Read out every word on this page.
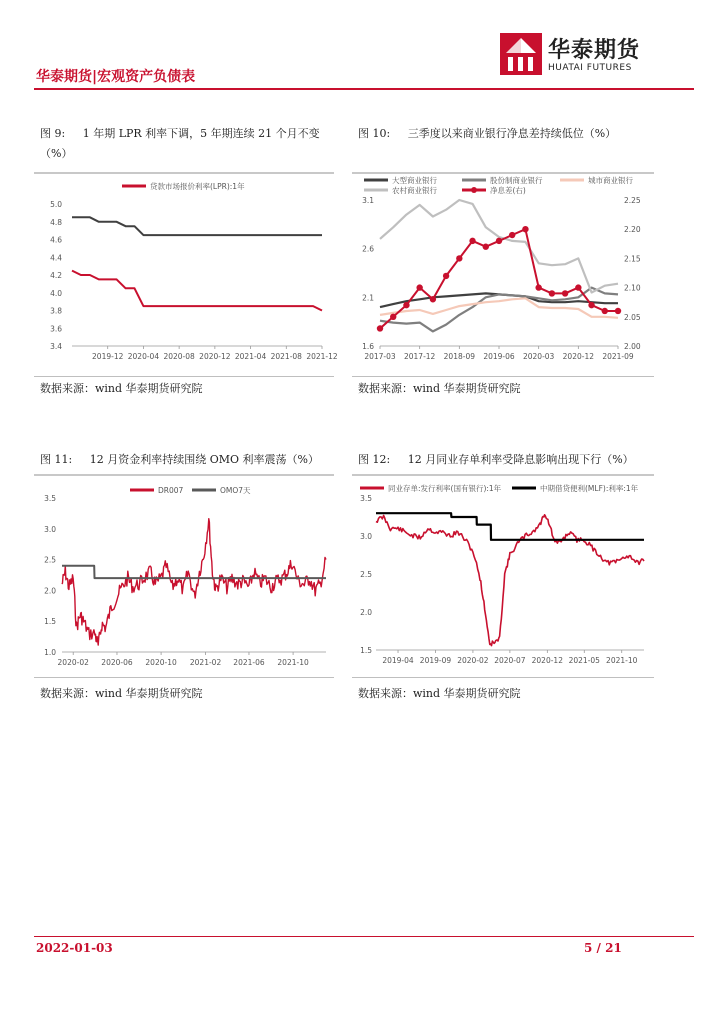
华泰期货|宏观资产负债表
华泰期货
HUATAI FUTURES
图 9: 1 年期 LPR 利率下调，5 年期连续 21 个月不变（%）
图 10: 三季度以来商业银行净息差持续低位（%）
图 11: 12 月资金利率持续围绕 OMO 利率震荡（%）	图 12: 12 月同业存单利率受降息影响出现下行（%）
5.0
4.8
4.6
4.4
4.2
4.0
3.8
3.6
3.4
2019-12 2020-04 2020-08 2020-12 2021-04 2021-08 2021-12
贷款市场报价利率(LPR):1年
3.1
2.6
2.1
1.6
2.25
2.20
2.15
2.10
2.05
2.00
2017-03 2017-12 2018-09 2019-06 2020-03 2020-12 2021-09
大型商业银行	股份制商业银行	城市商业银行
农村商业银行	净息差(右)
3.5
3.0
2.5
2.0
1.5
1.0
2020-02 2020-06 2020-10 2021-02 2021-06 2021-10
DR007	OMO7天
3.5
3.0
2.5
2.0
1.5
2019-04 2019-09 2020-02 2020-07 2020-12 2021-05 2021-10
同业存单:发行利率(国有银行):1年	中期借贷便利(MLF):利率:1年
数据来源：wind 华泰期货研究院	数据来源：wind 华泰期货研究院
数据来源：wind 华泰期货研究院	数据来源：wind 华泰期货研究院
2022-01-03	5 / 21
